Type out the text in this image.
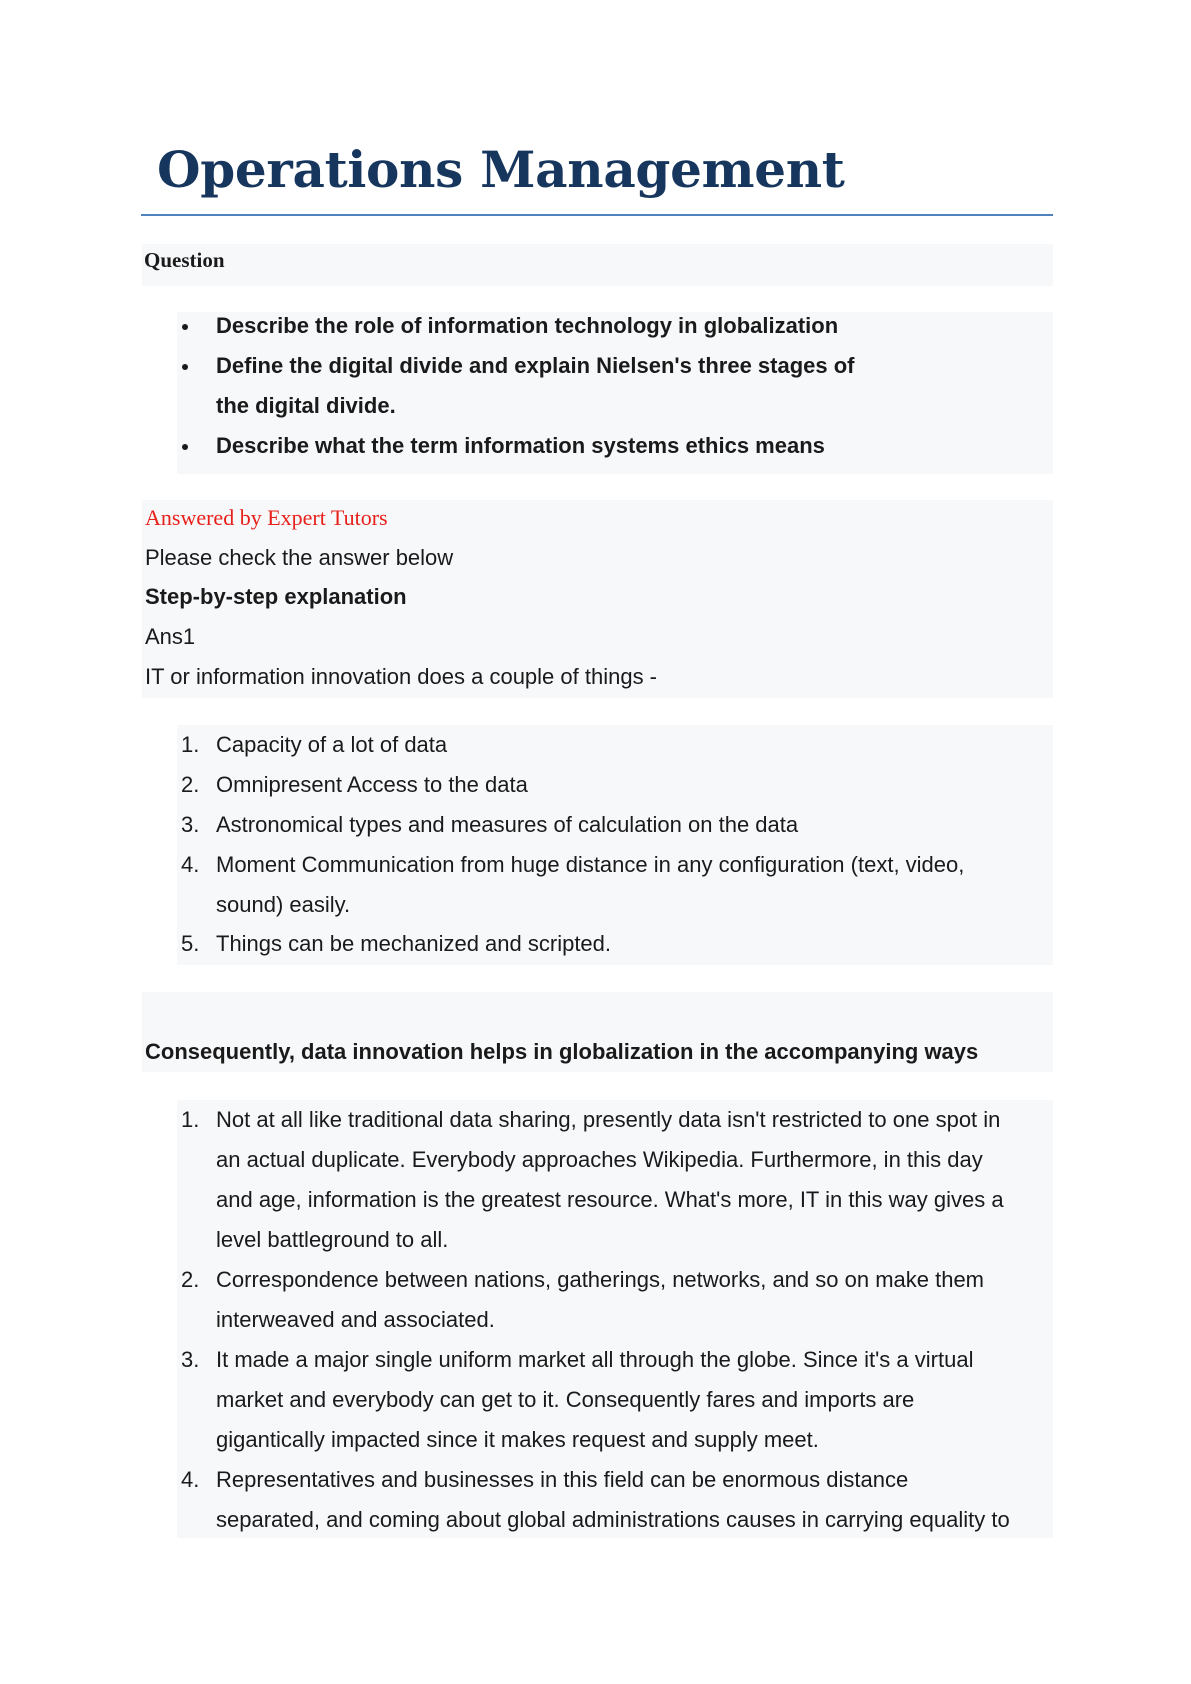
Operations Management
Question
Describe the role of information technology in globalization
Define the digital divide and explain Nielsen's three stages of
the digital divide.
Describe what the term information systems ethics means
Answered by Expert Tutors
Please check the answer below
Step-by-step explanation
Ans1
IT or information innovation does a couple of things -
1. Capacity of a lot of data
2. Omnipresent Access to the data
3. Astronomical types and measures of calculation on the data
4. Moment Communication from huge distance in any configuration (text, video,
sound) easily.
5. Things can be mechanized and scripted.
Consequently, data innovation helps in globalization in the accompanying ways
1. Not at all like traditional data sharing, presently data isn't restricted to one spot in
an actual duplicate. Everybody approaches Wikipedia. Furthermore, in this day
and age, information is the greatest resource. What's more, IT in this way gives a
level battleground to all.
2. Correspondence between nations, gatherings, networks, and so on make them
interweaved and associated.
3. It made a major single uniform market all through the globe. Since it's a virtual
market and everybody can get to it. Consequently fares and imports are
gigantically impacted since it makes request and supply meet.
4. Representatives and businesses in this field can be enormous distance
separated, and coming about global administrations causes in carrying equality to
